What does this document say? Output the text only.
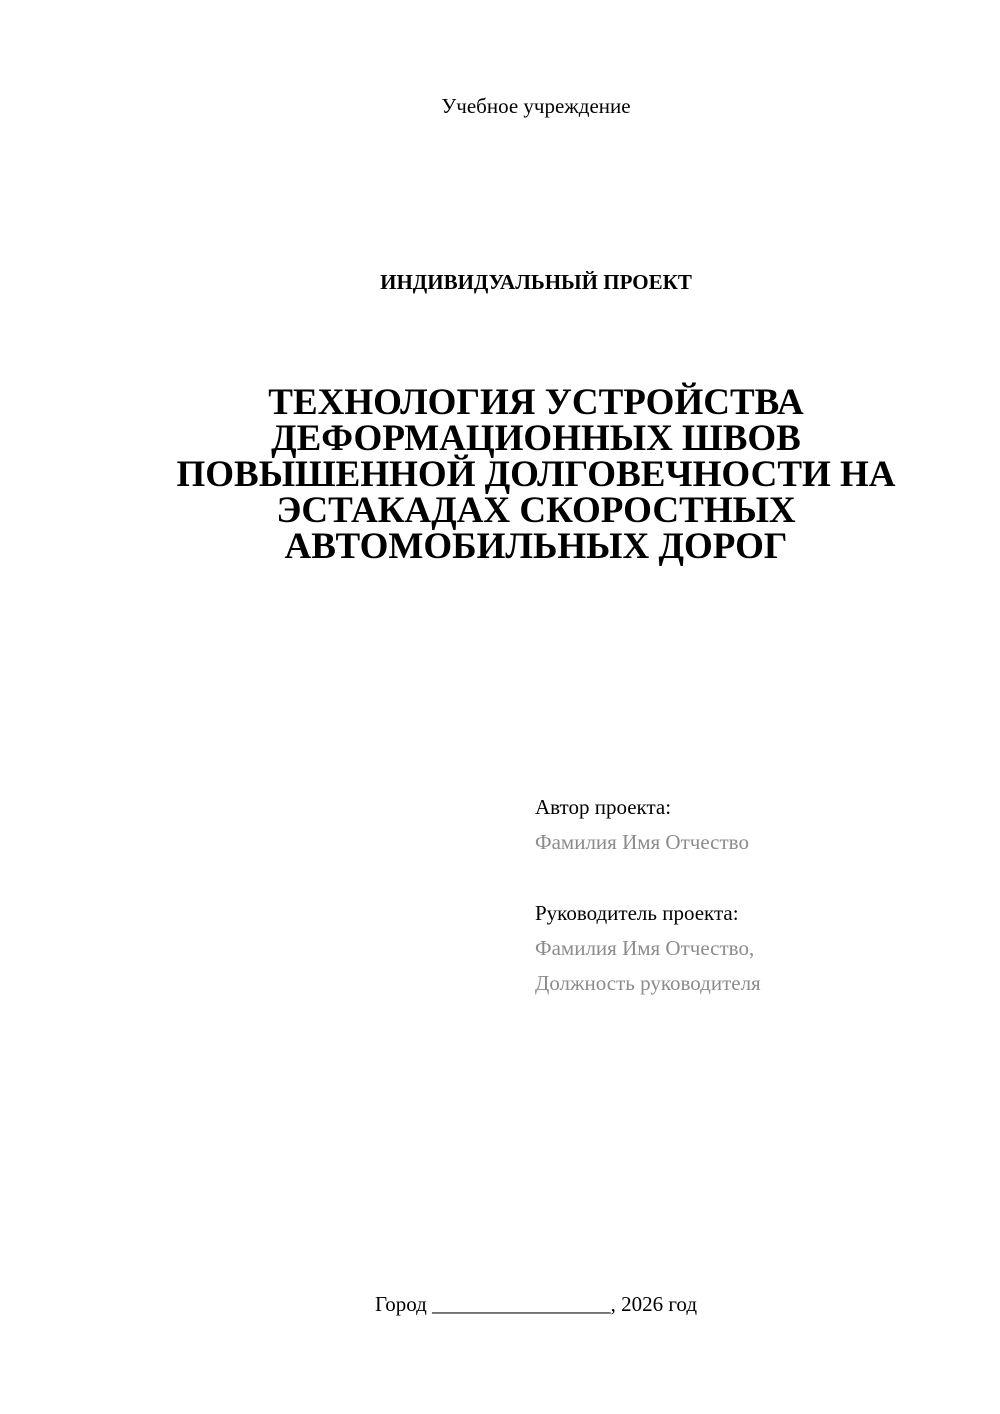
Учебное учреждение
ИНДИВИДУАЛЬНЫЙ ПРОЕКТ
ТЕХНОЛОГИЯ УСТРОЙСТВА
ДЕФОРМАЦИОННЫХ ШВОВ
ПОВЫШЕННОЙ ДОЛГОВЕЧНОСТИ НА
ЭСТАКАДАХ СКОРОСТНЫХ
АВТОМОБИЛЬНЫХ ДОРОГ
Автор проекта:
Фамилия Имя Отчество
Руководитель проекта:
Фамилия Имя Отчество,
Должность руководителя
Город _________________, 2026 год
